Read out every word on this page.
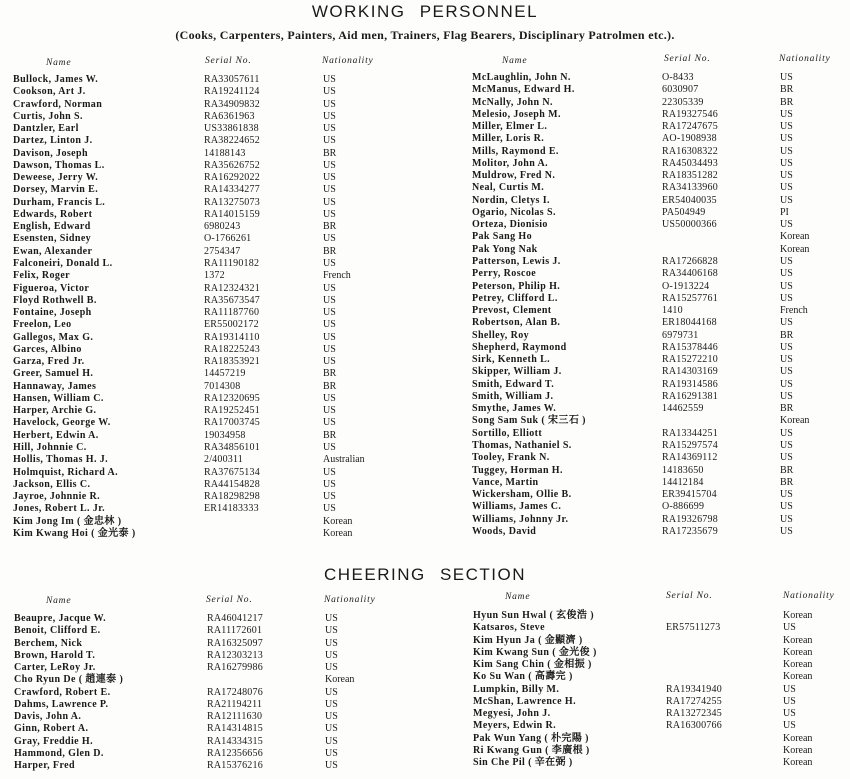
WORKING PERSONNEL
(Cooks, Carpenters, Painters, Aid men, Trainers, Flag Bearers, Disciplinary Patrolmen etc.).
Name	Serial No.	Nationality	Name	Serial No.	Nationality
Bullock, James W.	RA33057611	US
Cookson, Art J.	RA19241124	US
Crawford, Norman	RA34909832	US
Curtis, John S.	RA6361963	US
Dantzler, Earl	US33861838	US
Dartez, Linton J.	RA38224652	US
Davison, Joseph	14188143	BR
Dawson, Thomas L.	RA35626752	US
Deweese, Jerry W.	RA16292022	US
Dorsey, Marvin E.	RA14334277	US
Durham, Francis L.	RA13275073	US
Edwards, Robert	RA14015159	US
English, Edward	6980243	BR
Esensten, Sidney	O-1766261	US
Ewan, Alexander	2754347	BR
Falconeiri, Donald L.	RA11190182	US
Felix, Roger	1372	French
Figueroa, Victor	RA12324321	US
Floyd Rothwell B.	RA35673547	US
Fontaine, Joseph	RA11187760	US
Freelon, Leo	ER55002172	US
Gallegos, Max G.	RA19314110	US
Garces, Albino	RA18225243	US
Garza, Fred Jr.	RA18353921	US
Greer, Samuel H.	14457219	BR
Hannaway, James	7014308	BR
Hansen, William C.	RA12320695	US
Harper, Archie G.	RA19252451	US
Havelock, George W.	RA17003745	US
Herbert, Edwin A.	19034958	BR
Hill, Johnnie C.	RA34856101	US
Hollis, Thomas H. J.	2/400311	Australian
Holmquist, Richard A.	RA37675134	US
Jackson, Ellis C.	RA44154828	US
Jayroe, Johnnie R.	RA18298298	US
Jones, Robert L. Jr.	ER14183333	US
Kim Jong Im ( 金忠林 )	Korean
Kim Kwang Hoi ( 金光泰 )	Korean
McLaughlin, John N.	O-8433	US
McManus, Edward H.	6030907	BR
McNally, John N.	22305339	BR
Melesio, Joseph M.	RA19327546	US
Miller, Elmer L.	RA17247675	US
Miller, Loris R.	AO-1908938	US
Mills, Raymond E.	RA16308322	US
Molitor, John A.	RA45034493	US
Muldrow, Fred N.	RA18351282	US
Neal, Curtis M.	RA34133960	US
Nordin, Cletys I.	ER54040035	US
Ogario, Nicolas S.	PA504949	PI
Orteza, Dionisio	US50000366	US
Pak Sang Ho	Korean
Pak Yong Nak	Korean
Patterson, Lewis J.	RA17266828	US
Perry, Roscoe	RA34406168	US
Peterson, Philip H.	O-1913224	US
Petrey, Clifford L.	RA15257761	US
Prevost, Clement	1410	French
Robertson, Alan B.	ER18044168	US
Shelley, Roy	6979731	BR
Shepherd, Raymond	RA15378446	US
Sirk, Kenneth L.	RA15272210	US
Skipper, William J.	RA14303169	US
Smith, Edward T.	RA19314586	US
Smith, William J.	RA16291381	US
Smythe, James W.	14462559	BR
Song Sam Suk ( 宋三石 )	Korean
Sortillo, Elliott	RA13344251	US
Thomas, Nathaniel S.	RA15297574	US
Tooley, Frank N.	RA14369112	US
Tuggey, Horman H.	14183650	BR
Vance, Martin	14412184	BR
Wickersham, Ollie B.	ER39415704	US
Williams, James C.	O-886699	US
Williams, Johnny Jr.	RA19326798	US
Woods, David	RA17235679	US
CHEERING SECTION
Name	Serial No.	Nationality	Name	Serial No.	Nationality
Beaupre, Jacque W.	RA46041217	US
Benoit, Clifford E.	RA11172601	US
Berchem, Nick	RA16325097	US
Brown, Harold T.	RA12303213	US
Carter, LeRoy Jr.	RA16279986	US
Cho Ryun De ( 趙連泰 )	Korean
Crawford, Robert E.	RA17248076	US
Dahms, Lawrence P.	RA21194211	US
Davis, John A.	RA12111630	US
Ginn, Robert A.	RA14314815	US
Gray, Freddie H.	RA14334315	US
Hammond, Glen D.	RA12356656	US
Harper, Fred	RA15376216	US
Hyun Sun Hwal ( 玄俊浩 )	Korean
Katsaros, Steve	ER57511273	US
Kim Hyun Ja ( 金顯濟 )	Korean
Kim Kwang Sun ( 金光俊 )	Korean
Kim Sang Chin ( 金相振 )	Korean
Ko Su Wan ( 高壽完 )	Korean
Lumpkin, Billy M.	RA19341940	US
McShan, Lawrence H.	RA17274255	US
Megyesi, John J.	RA13272345	US
Meyers, Edwin R.	RA16300766	US
Pak Wun Yang ( 朴完陽 )	Korean
Ri Kwang Gun ( 李廣根 )	Korean
Sin Che Pil ( 辛在弼 )	Korean
